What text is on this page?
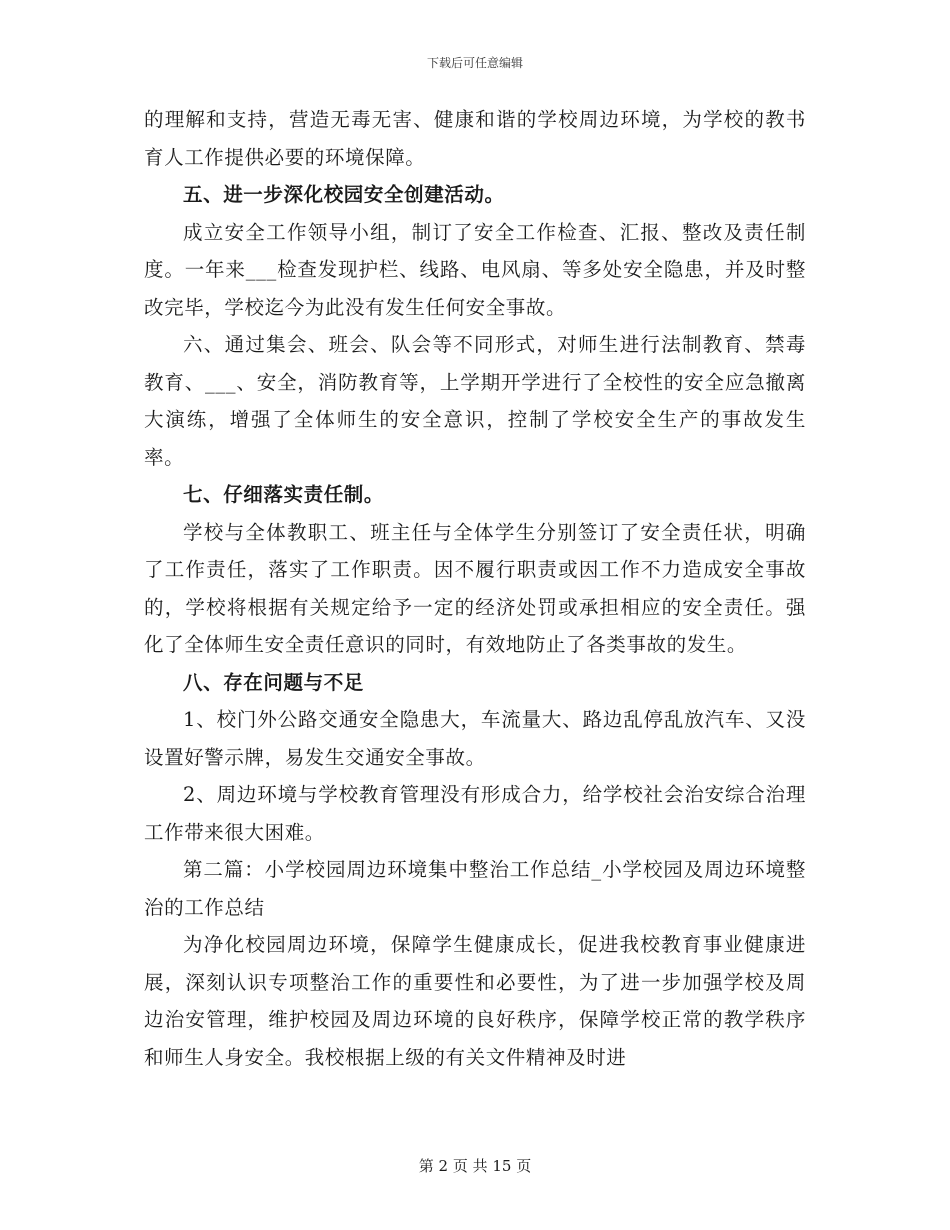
下载后可任意编辑

的理解和支持，营造无毒无害、健康和谐的学校周边环境，为学校的教书育人工作提供必要的环境保障。

五、进一步深化校园安全创建活动。

成立安全工作领导小组，制订了安全工作检查、汇报、整改及责任制度。一年来___检查发现护栏、线路、电风扇、等多处安全隐患，并及时整改完毕，学校迄今为此没有发生任何安全事故。

六、通过集会、班会、队会等不同形式，对师生进行法制教育、禁毒教育、___、安全，消防教育等，上学期开学进行了全校性的安全应急撤离大演练，增强了全体师生的安全意识，控制了学校安全生产的事故发生率。

七、仔细落实责任制。

学校与全体教职工、班主任与全体学生分别签订了安全责任状，明确了工作责任，落实了工作职责。因不履行职责或因工作不力造成安全事故的，学校将根据有关规定给予一定的经济处罚或承担相应的安全责任。强化了全体师生安全责任意识的同时，有效地防止了各类事故的发生。

八、存在问题与不足

1、校门外公路交通安全隐患大，车流量大、路边乱停乱放汽车、又没设置好警示牌，易发生交通安全事故。

2、周边环境与学校教育管理没有形成合力，给学校社会治安综合治理工作带来很大困难。

第二篇：小学校园周边环境集中整治工作总结_小学校园及周边环境整治的工作总结

为净化校园周边环境，保障学生健康成长，促进我校教育事业健康进展，深刻认识专项整治工作的重要性和必要性，为了进一步加强学校及周边治安管理，维护校园及周边环境的良好秩序，保障学校正常的教学秩序和师生人身安全。我校根据上级的有关文件精神及时进

第 2 页 共 15 页
